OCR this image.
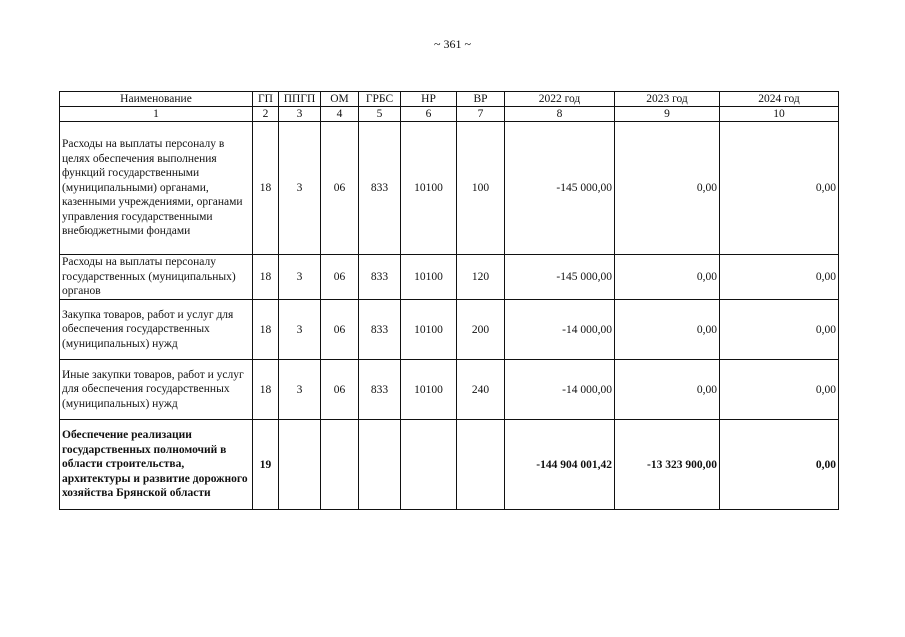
~ 361 ~
Наименование	ГП	ППГП	ОМ	ГРБС	НР	ВР	2022 год	2023 год	2024 год
1	2	3	4	5	6	7	8	9	10
Расходы на выплаты персоналу в целях обеспечения выполнения функций государственными (муниципальными) органами, казенными учреждениями, органами управления государственными внебюджетными фондами	18	3	06	833	10100	100	-145 000,00	0,00	0,00
Расходы на выплаты персоналу государственных (муниципальных) органов	18	3	06	833	10100	120	-145 000,00	0,00	0,00
Закупка товаров, работ и услуг для обеспечения государственных (муниципальных) нужд	18	3	06	833	10100	200	-14 000,00	0,00	0,00
Иные закупки товаров, работ и услуг для обеспечения государственных (муниципальных) нужд	18	3	06	833	10100	240	-14 000,00	0,00	0,00
Обеспечение реализации государственных полномочий в области строительства, архитектуры и развитие дорожного хозяйства Брянской области	19						-144 904 001,42	-13 323 900,00	0,00
